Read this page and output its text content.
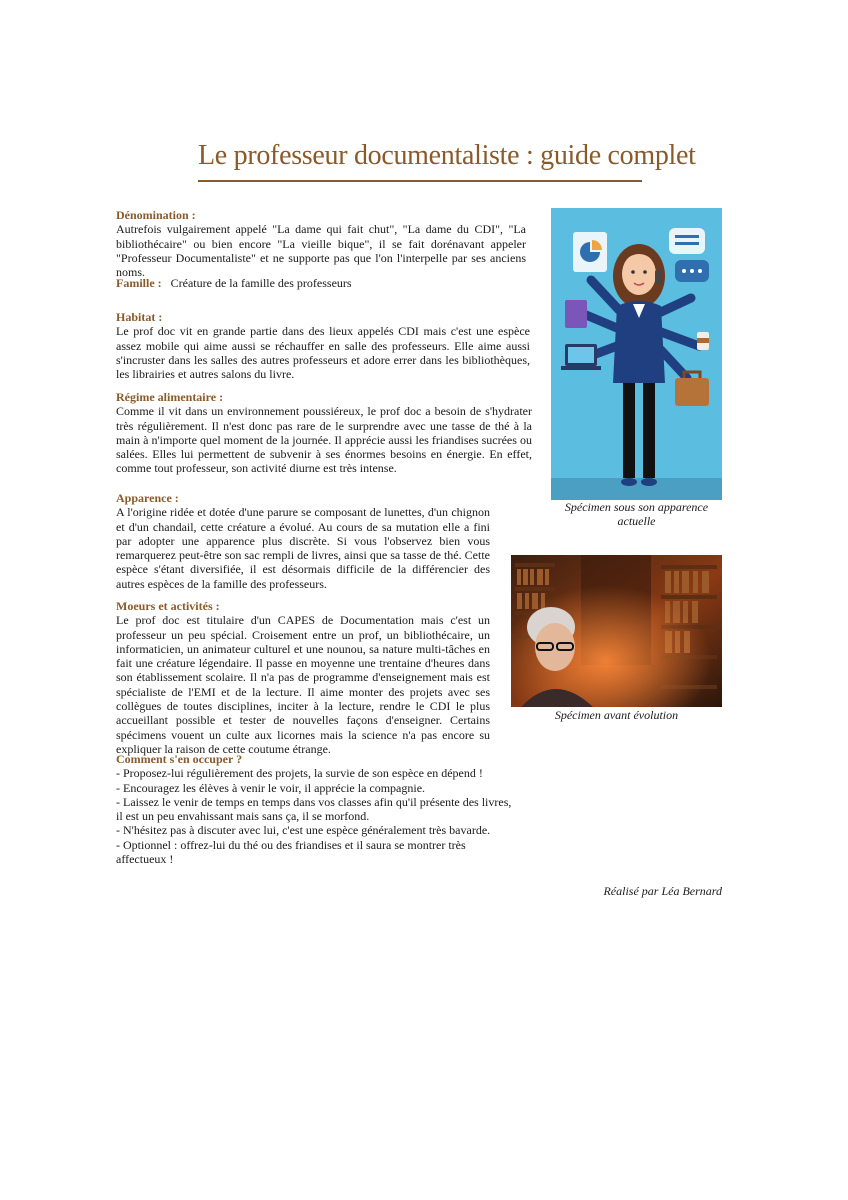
Le professeur documentaliste : guide complet
Dénomination :
Autrefois vulgairement appelé "La dame qui fait chut", "La dame du CDI", "La bibliothécaire" ou bien encore "La vieille bique", il se fait dorénavant appeler "Professeur Documentaliste" et ne supporte pas que l'on l'interpelle par ses anciens noms.
Famille : Créature de la famille des professeurs
Habitat :
Le prof doc vit en grande partie dans des lieux appelés CDI mais c'est une espèce assez mobile qui aime aussi se réchauffer en salle des professeurs. Elle aime aussi s'incruster dans les salles des autres professeurs et adore errer dans les bibliothèques, les librairies et autres salons du livre.
Régime alimentaire :
Comme il vit dans un environnement poussiéreux, le prof doc a besoin de s'hydrater très régulièrement. Il n'est donc pas rare de le surprendre avec une tasse de thé à la main à n'importe quel moment de la journée. Il apprécie aussi les friandises sucrées ou salées. Elles lui permettent de subvenir à ses énormes besoins en énergie. En effet, comme tout professeur, son activité diurne est très intense.
Apparence :
A l'origine ridée et dotée d'une parure se composant de lunettes, d'un chignon et d'un chandail, cette créature a évolué. Au cours de sa mutation elle a fini par adopter une apparence plus discrète. Si vous l'observez bien vous remarquerez peut-être son sac rempli de livres, ainsi que sa tasse de thé. Cette espèce s'étant diversifiée, il est désormais difficile de la différencier des autres espèces de la famille des professeurs.
Moeurs et activités :
Le prof doc est titulaire d'un CAPES de Documentation mais c'est un professeur un peu spécial. Croisement entre un prof, un bibliothécaire, un informaticien, un animateur culturel et une nounou, sa nature multi-tâches en fait une créature légendaire. Il passe en moyenne une trentaine d'heures dans son établissement scolaire. Il n'a pas de programme d'enseignement mais est spécialiste de l'EMI et de la lecture. Il aime monter des projets avec ses collègues de toutes disciplines, inciter à la lecture, rendre le CDI le plus accueillant possible et tester de nouvelles façons d'enseigner. Certains spécimens vouent un culte aux licornes mais la science n'a pas encore su expliquer la raison de cette coutume étrange.
Comment s'en occuper ?
- Proposez-lui régulièrement des projets, la survie de son espèce en dépend !
- Encouragez les élèves à venir le voir, il apprécie la compagnie.
- Laissez le venir de temps en temps dans vos classes afin qu'il présente des livres,
il est un peu envahissant mais sans ça, il se morfond.
- N'hésitez pas à discuter avec lui, c'est une espèce généralement très bavarde.
- Optionnel : offrez-lui du thé ou des friandises et il saura se montrer très
affectueux !
Spécimen sous son apparence
actuelle
Spécimen avant évolution
Réalisé par Léa Bernard
